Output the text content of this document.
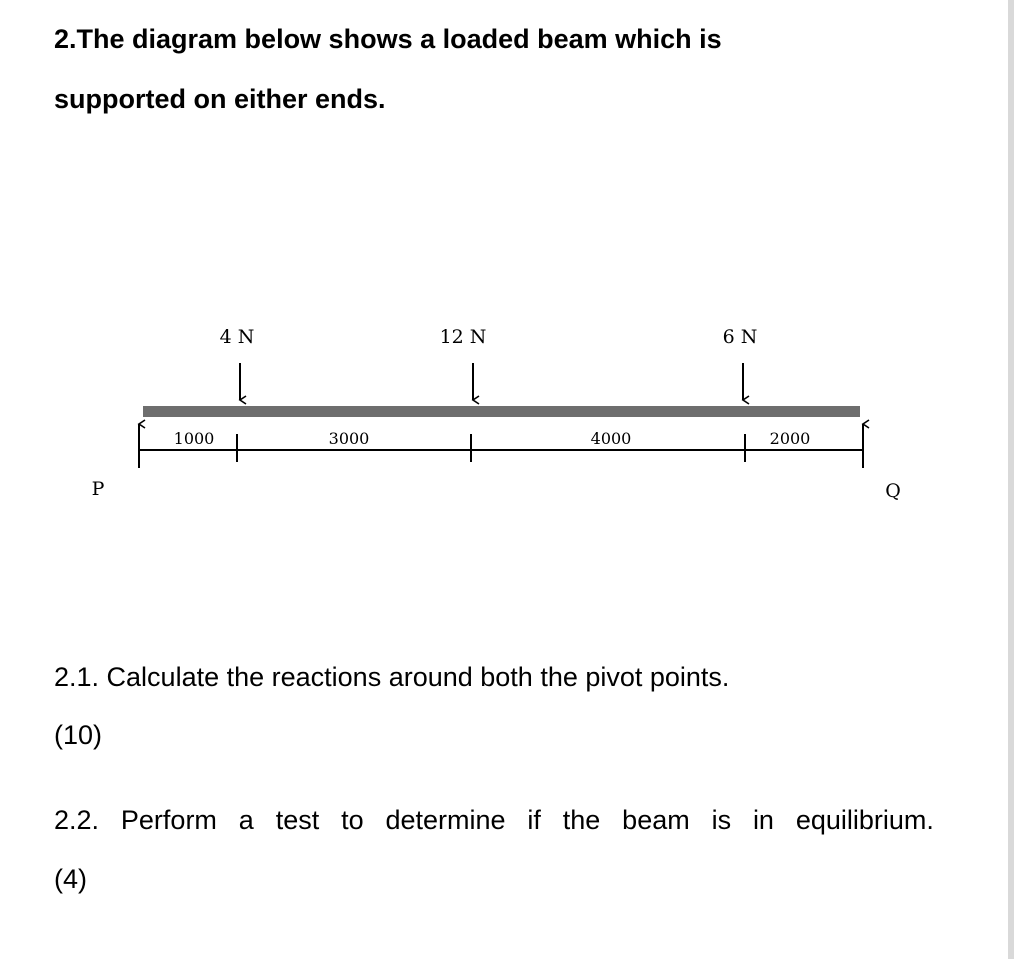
2.The diagram below shows a loaded beam which is
supported on either ends.
4 N	12 N	6 N
1000	3000	4000	2000
P	Q
2.1. Calculate the reactions around both the pivot points.
(10)
2.2. Perform a test to determine if the beam is in equilibrium.
(4)
